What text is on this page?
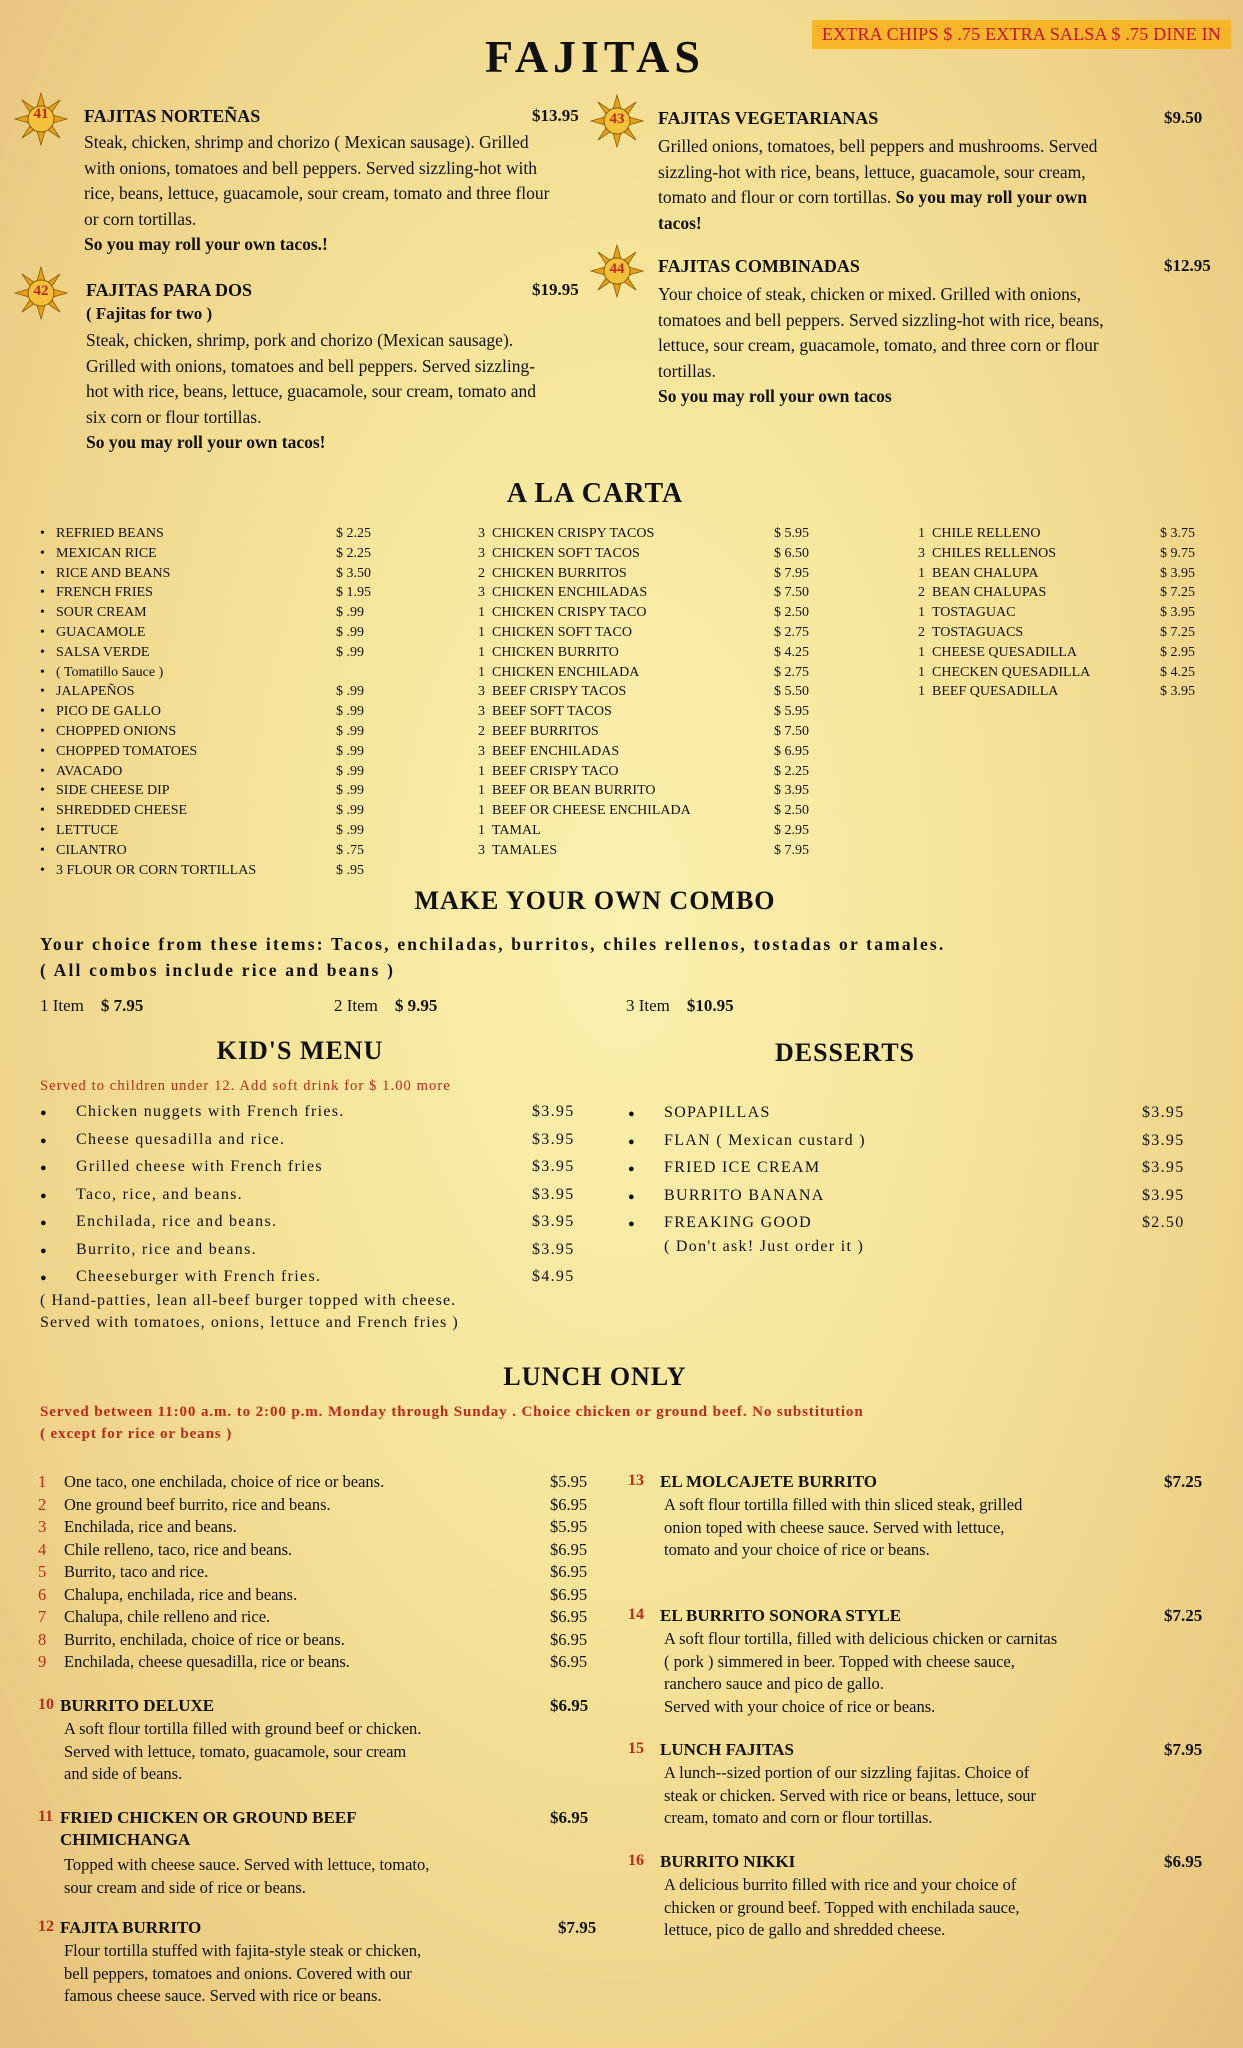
EXTRA CHIPS $ .75 EXTRA SALSA $ .75 DINE IN
FAJITAS
41	FAJITAS NORTEÑAS	$13.95
Steak, chicken, shrimp and chorizo ( Mexican sausage). Grilled with onions, tomatoes and bell peppers. Served sizzling-hot with rice, beans, lettuce, guacamole, sour cream, tomato and three flour or corn tortillas.
So you may roll your own tacos.!
42	FAJITAS PARA DOS	$19.95
( Fajitas for two )
Steak, chicken, shrimp, pork and chorizo (Mexican sausage). Grilled with onions, tomatoes and bell peppers. Served sizzling-hot with rice, beans, lettuce, guacamole, sour cream, tomato and six corn or flour tortillas.
So you may roll your own tacos!
43	FAJITAS VEGETARIANAS	$9.50
Grilled onions, tomatoes, bell peppers and mushrooms. Served sizzling-hot with rice, beans, lettuce, guacamole, sour cream, tomato and flour or corn tortillas. So you may roll your own tacos!
44	FAJITAS COMBINADAS	$12.95
Your choice of steak, chicken or mixed. Grilled with onions, tomatoes and bell peppers. Served sizzling-hot with rice, beans, lettuce, sour cream, guacamole, tomato, and three corn or flour tortillas.
So you may roll your own tacos
A LA CARTA
• REFRIED BEANS	$ 2.25
• MEXICAN RICE	$ 2.25
• RICE AND BEANS	$ 3.50
• FRENCH FRIES	$ 1.95
• SOUR CREAM	$ .99
• GUACAMOLE	$ .99
• SALSA VERDE	$ .99
• ( Tomatillo Sauce )
• JALAPEÑOS	$ .99
• PICO DE GALLO	$ .99
• CHOPPED ONIONS	$ .99
• CHOPPED TOMATOES	$ .99
• AVACADO	$ .99
• SIDE CHEESE DIP	$ .99
• SHREDDED CHEESE	$ .99
• LETTUCE	$ .99
• CILANTRO	$ .75
• 3 FLOUR OR CORN TORTILLAS	$ .95
3 CHICKEN CRISPY TACOS	$ 5.95
3 CHICKEN SOFT TACOS	$ 6.50
2 CHICKEN BURRITOS	$ 7.95
3 CHICKEN ENCHILADAS	$ 7.50
1 CHICKEN CRISPY TACO	$ 2.50
1 CHICKEN SOFT TACO	$ 2.75
1 CHICKEN BURRITO	$ 4.25
1 CHICKEN ENCHILADA	$ 2.75
3 BEEF CRISPY TACOS	$ 5.50
3 BEEF SOFT TACOS	$ 5.95
2 BEEF BURRITOS	$ 7.50
3 BEEF ENCHILADAS	$ 6.95
1 BEEF CRISPY TACO	$ 2.25
1 BEEF OR BEAN BURRITO	$ 3.95
1 BEEF OR CHEESE ENCHILADA	$ 2.50
1 TAMAL	$ 2.95
3 TAMALES	$ 7.95
1 CHILE RELLENO	$ 3.75
3 CHILES RELLENOS	$ 9.75
1 BEAN CHALUPA	$ 3.95
2 BEAN CHALUPAS	$ 7.25
1 TOSTAGUAC	$ 3.95
2 TOSTAGUACS	$ 7.25
1 CHEESE QUESADILLA	$ 2.95
1 CHECKEN QUESADILLA	$ 4.25
1 BEEF QUESADILLA	$ 3.95
MAKE YOUR OWN COMBO
Your choice from these items: Tacos, enchiladas, burritos, chiles rellenos, tostadas or tamales.
( All combos include rice and beans )
1 Item $ 7.95	2 Item $ 9.95	3 Item $10.95
KID'S MENU
Served to children under 12. Add soft drink for $ 1.00 more
● Chicken nuggets with French fries.	$3.95
● Cheese quesadilla and rice.	$3.95
● Grilled cheese with French fries	$3.95
● Taco, rice, and beans.	$3.95
● Enchilada, rice and beans.	$3.95
● Burrito, rice and beans.	$3.95
● Cheeseburger with French fries.	$4.95
( Hand-patties, lean all-beef burger topped with cheese.
Served with tomatoes, onions, lettuce and French fries )
DESSERTS
● SOPAPILLAS	$3.95
● FLAN ( Mexican custard )	$3.95
● FRIED ICE CREAM	$3.95
● BURRITO BANANA	$3.95
● FREAKING GOOD	$2.50
( Don't ask! Just order it )
LUNCH ONLY
Served between 11:00 a.m. to 2:00 p.m. Monday through Sunday . Choice chicken or ground beef. No substitution
( except for rice or beans )
1 One taco, one enchilada, choice of rice or beans.	$5.95
2 One ground beef burrito, rice and beans.	$6.95
3 Enchilada, rice and beans.	$5.95
4 Chile relleno, taco, rice and beans.	$6.95
5 Burrito, taco and rice.	$6.95
6 Chalupa, enchilada, rice and beans.	$6.95
7 Chalupa, chile relleno and rice.	$6.95
8 Burrito, enchilada, choice of rice or beans.	$6.95
9 Enchilada, cheese quesadilla, rice or beans.	$6.95
10 BURRITO DELUXE	$6.95
A soft flour tortilla filled with ground beef or chicken.
Served with lettuce, tomato, guacamole, sour cream
and side of beans.
11 FRIED CHICKEN OR GROUND BEEF	$6.95
CHIMICHANGA
Topped with cheese sauce. Served with lettuce, tomato,
sour cream and side of rice or beans.
12 FAJITA BURRITO	$7.95
Flour tortilla stuffed with fajita-style steak or chicken,
bell peppers, tomatoes and onions. Covered with our
famous cheese sauce. Served with rice or beans.
13 EL MOLCAJETE BURRITO	$7.25
A soft flour tortilla filled with thin sliced steak, grilled
onion toped with cheese sauce. Served with lettuce,
tomato and your choice of rice or beans.
14 EL BURRITO SONORA STYLE	$7.25
A soft flour tortilla, filled with delicious chicken or carnitas
( pork ) simmered in beer. Topped with cheese sauce,
ranchero sauce and pico de gallo.
Served with your choice of rice or beans.
15 LUNCH FAJITAS	$7.95
A lunch--sized portion of our sizzling fajitas. Choice of
steak or chicken. Served with rice or beans, lettuce, sour
cream, tomato and corn or flour tortillas.
16 BURRITO NIKKI	$6.95
A delicious burrito filled with rice and your choice of
chicken or ground beef. Topped with enchilada sauce,
lettuce, pico de gallo and shredded cheese.
